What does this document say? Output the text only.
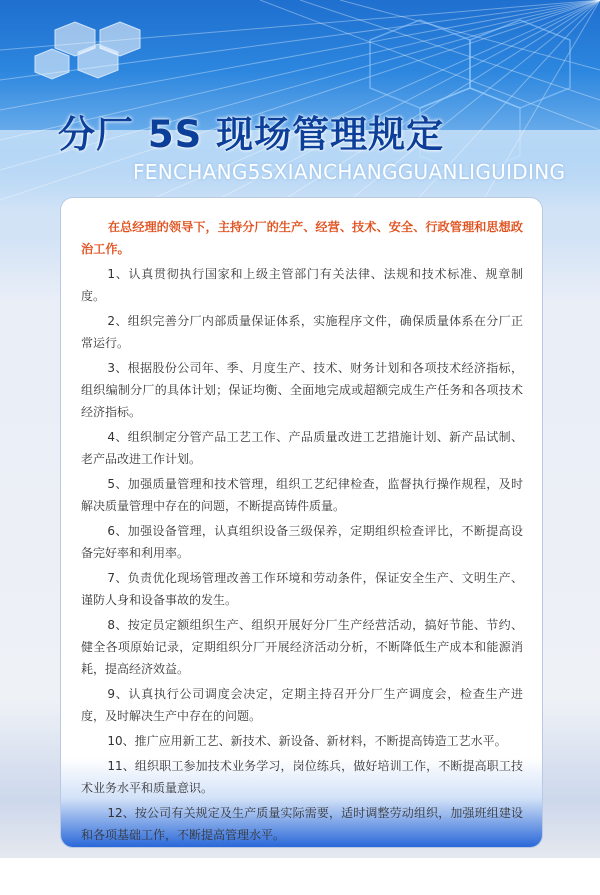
分厂 5S 现场管理规定
FENCHANG5SXIANCHANGGUANLIGUIDING

在总经理的领导下，主持分厂的生产、经营、技术、安全、行政管理和思想政治工作。

1、认真贯彻执行国家和上级主管部门有关法律、法规和技术标准、规章制度。

2、组织完善分厂内部质量保证体系，实施程序文件，确保质量体系在分厂正常运行。

3、根据股份公司年、季、月度生产、技术、财务计划和各项技术经济指标，组织编制分厂的具体计划；保证均衡、全面地完成或超额完成生产任务和各项技术经济指标。

4、组织制定分管产品工艺工作、产品质量改进工艺措施计划、新产品试制、老产品改进工作计划。

5、加强质量管理和技术管理，组织工艺纪律检查，监督执行操作规程，及时解决质量管理中存在的问题，不断提高铸件质量。

6、加强设备管理，认真组织设备三级保养，定期组织检查评比，不断提高设备完好率和利用率。

7、负责优化现场管理改善工作环境和劳动条件，保证安全生产、文明生产、谨防人身和设备事故的发生。

8、按定员定额组织生产、组织开展好分厂生产经营活动，搞好节能、节约、健全各项原始记录，定期组织分厂开展经济活动分析，不断降低生产成本和能源消耗，提高经济效益。

9、认真执行公司调度会决定，定期主持召开分厂生产调度会，检查生产进度，及时解决生产中存在的问题。

10、推广应用新工艺、新技术、新设备、新材料，不断提高铸造工艺水平。

11、组织职工参加技术业务学习，岗位练兵，做好培训工作，不断提高职工技术业务水平和质量意识。

12、按公司有关规定及生产质量实际需要，适时调整劳动组织，加强班组建设和各项基础工作，不断提高管理水平。
